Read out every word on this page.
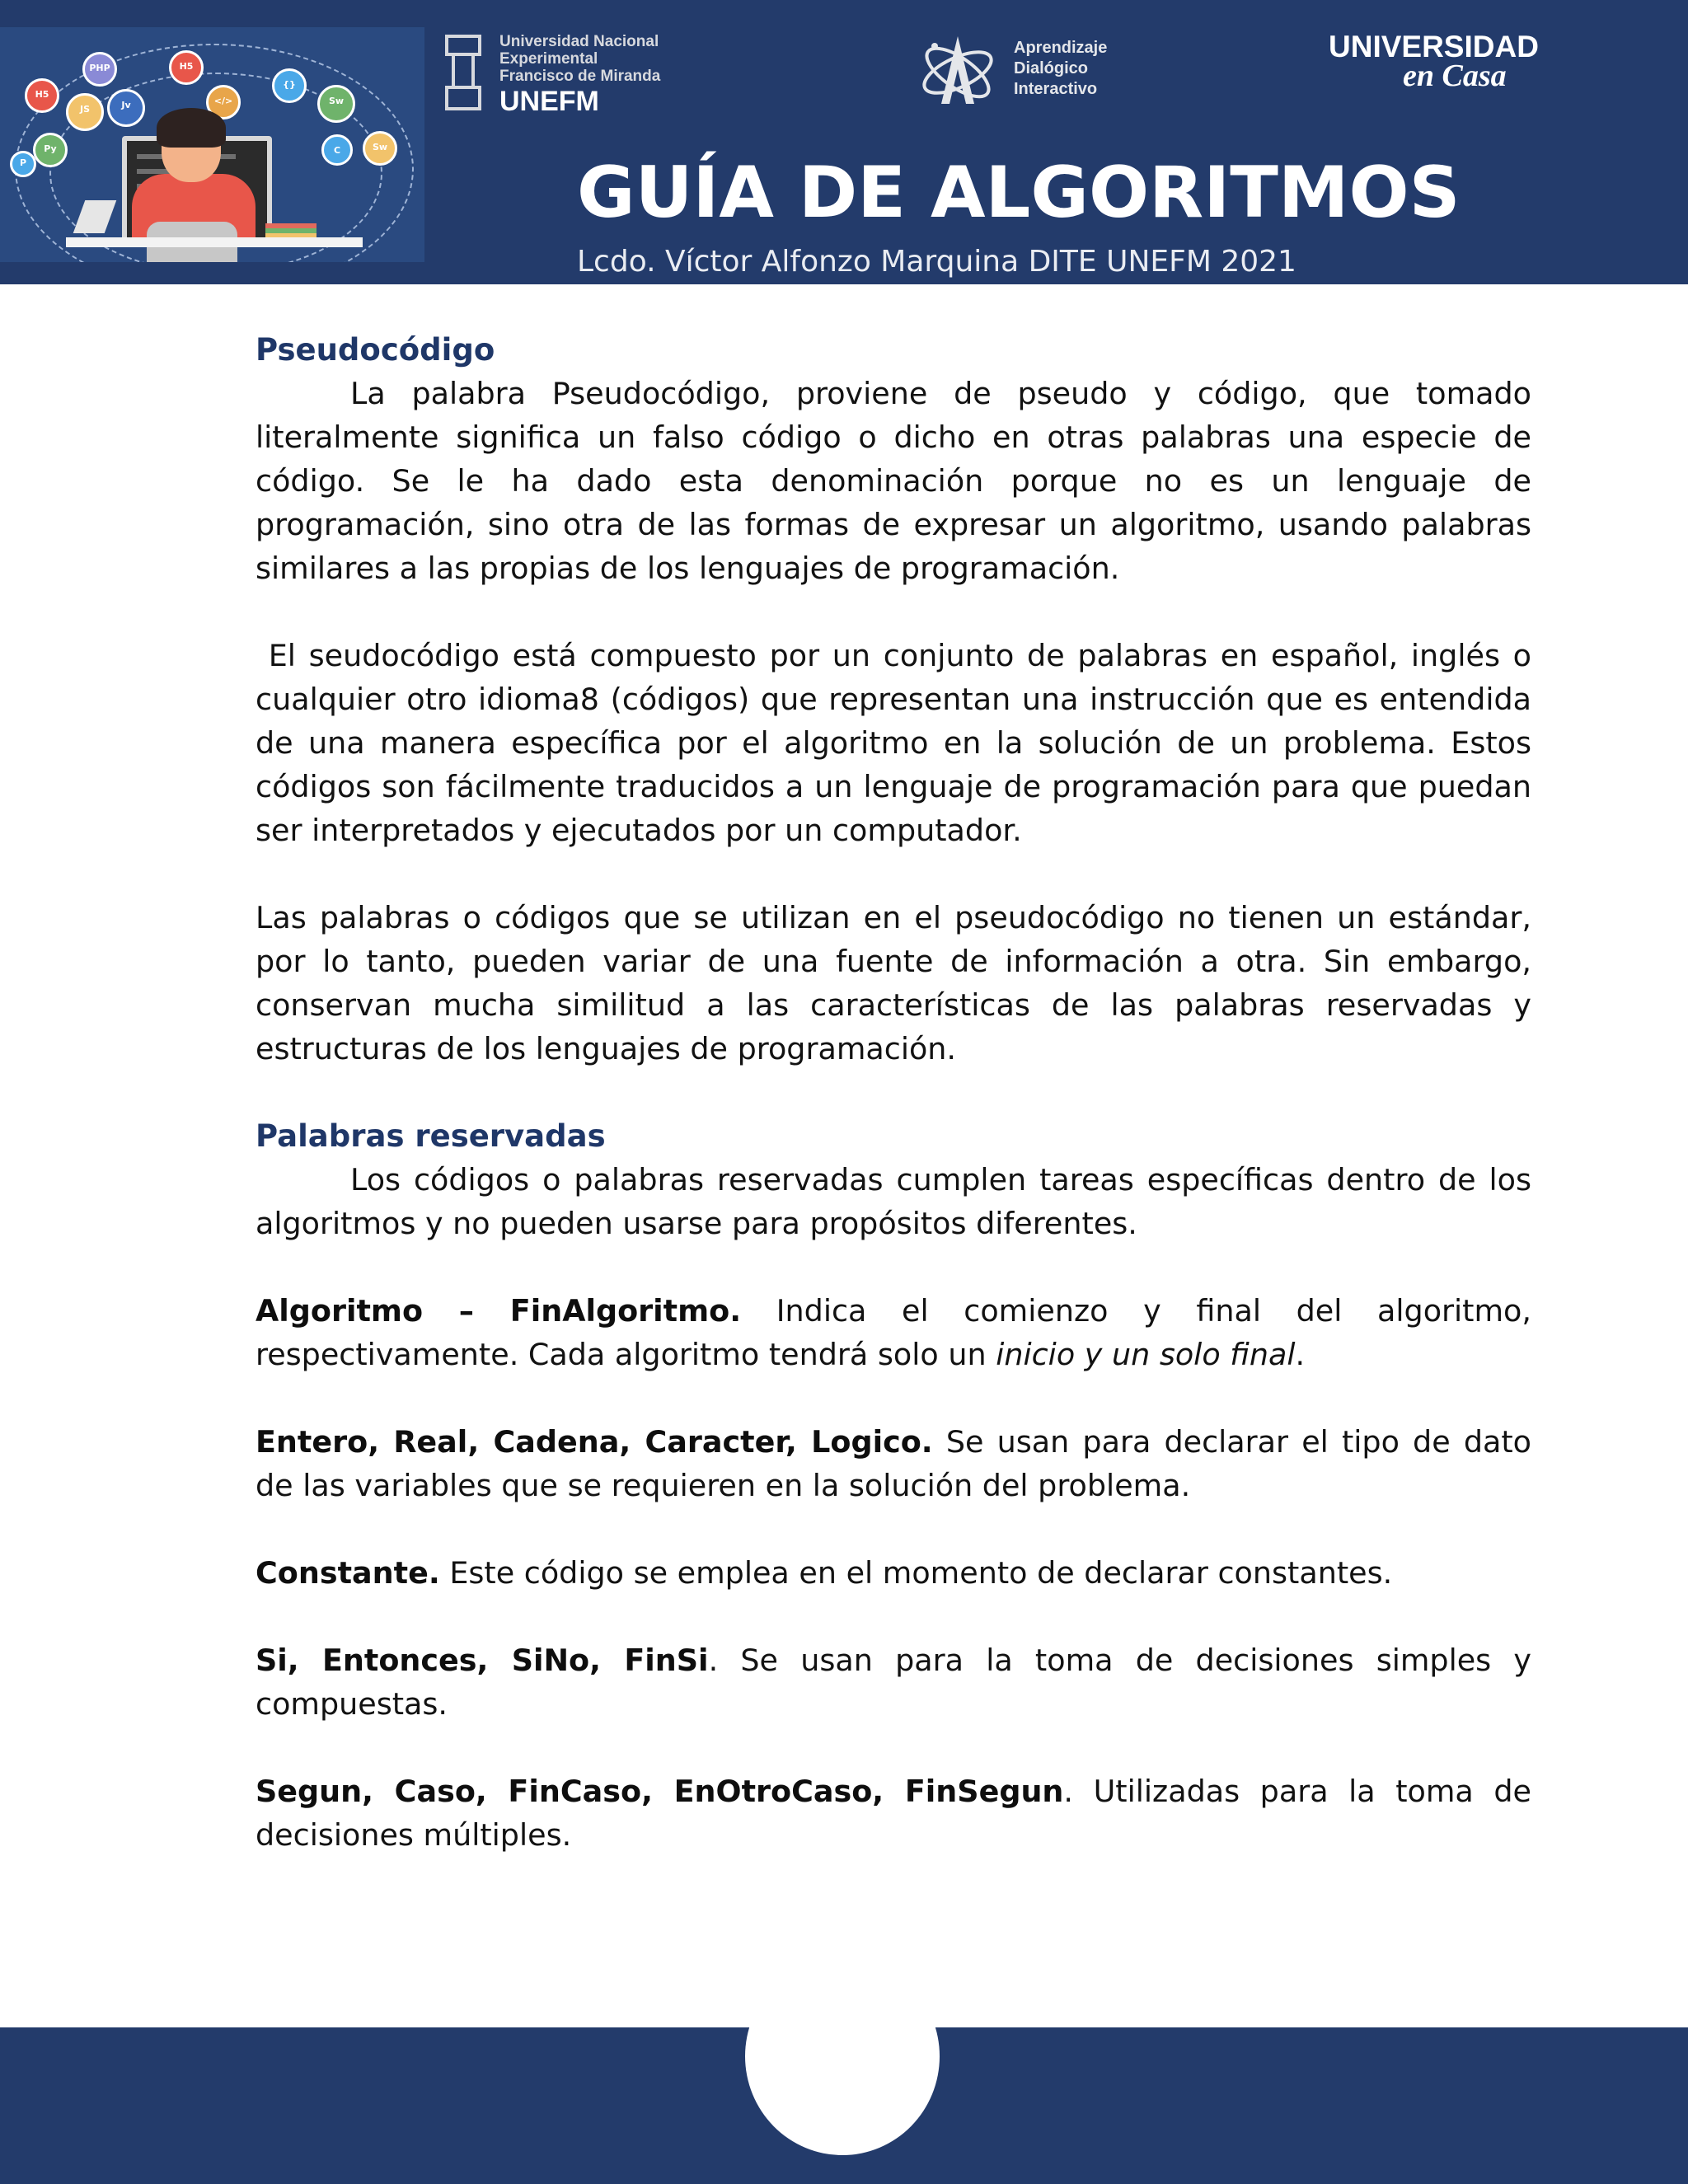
PHP	H5
H5
JS	Jv	</>
{}
Sw
Sw
Py	C
P
Universidad Nacional
Experimental
Francisco de Miranda
UNEFM
Aprendizaje
Dialógico
Interactivo
UNIVERSIDAD
en Casa
GUÍA DE ALGORITMOS
Lcdo. Víctor Alfonzo Marquina DITE UNEFM 2021
Pseudocódigo

La palabra Pseudocódigo, proviene de pseudo y código, que tomado literalmente significa un falso código o dicho en otras palabras una especie de código. Se le ha dado esta denominación porque no es un lenguaje de programación, sino otra de las formas de expresar un algoritmo, usando palabras similares a las propias de los lenguajes de programación.

El seudocódigo está compuesto por un conjunto de palabras en español, inglés o cualquier otro idioma8 (códigos) que representan una instrucción que es entendida de una manera específica por el algoritmo en la solución de un problema. Estos códigos son fácilmente traducidos a un lenguaje de programación para que puedan ser interpretados y ejecutados por un computador.

Las palabras o códigos que se utilizan en el pseudocódigo no tienen un estándar, por lo tanto, pueden variar de una fuente de información a otra. Sin embargo, conservan mucha similitud a las características de las palabras reservadas y estructuras de los lenguajes de programación.

Palabras reservadas

Los códigos o palabras reservadas cumplen tareas específicas dentro de los algoritmos y no pueden usarse para propósitos diferentes.

Algoritmo – FinAlgoritmo. Indica el comienzo y final del algoritmo, respectivamente. Cada algoritmo tendrá solo un inicio y un solo final.

Entero, Real, Cadena, Caracter, Logico. Se usan para declarar el tipo de dato de las variables que se requieren en la solución del problema.

Constante. Este código se emplea en el momento de declarar constantes.

Si, Entonces, SiNo, FinSi. Se usan para la toma de decisiones simples y compuestas.

Segun, Caso, FinCaso, EnOtroCaso, FinSegun. Utilizadas para la toma de decisiones múltiples.
